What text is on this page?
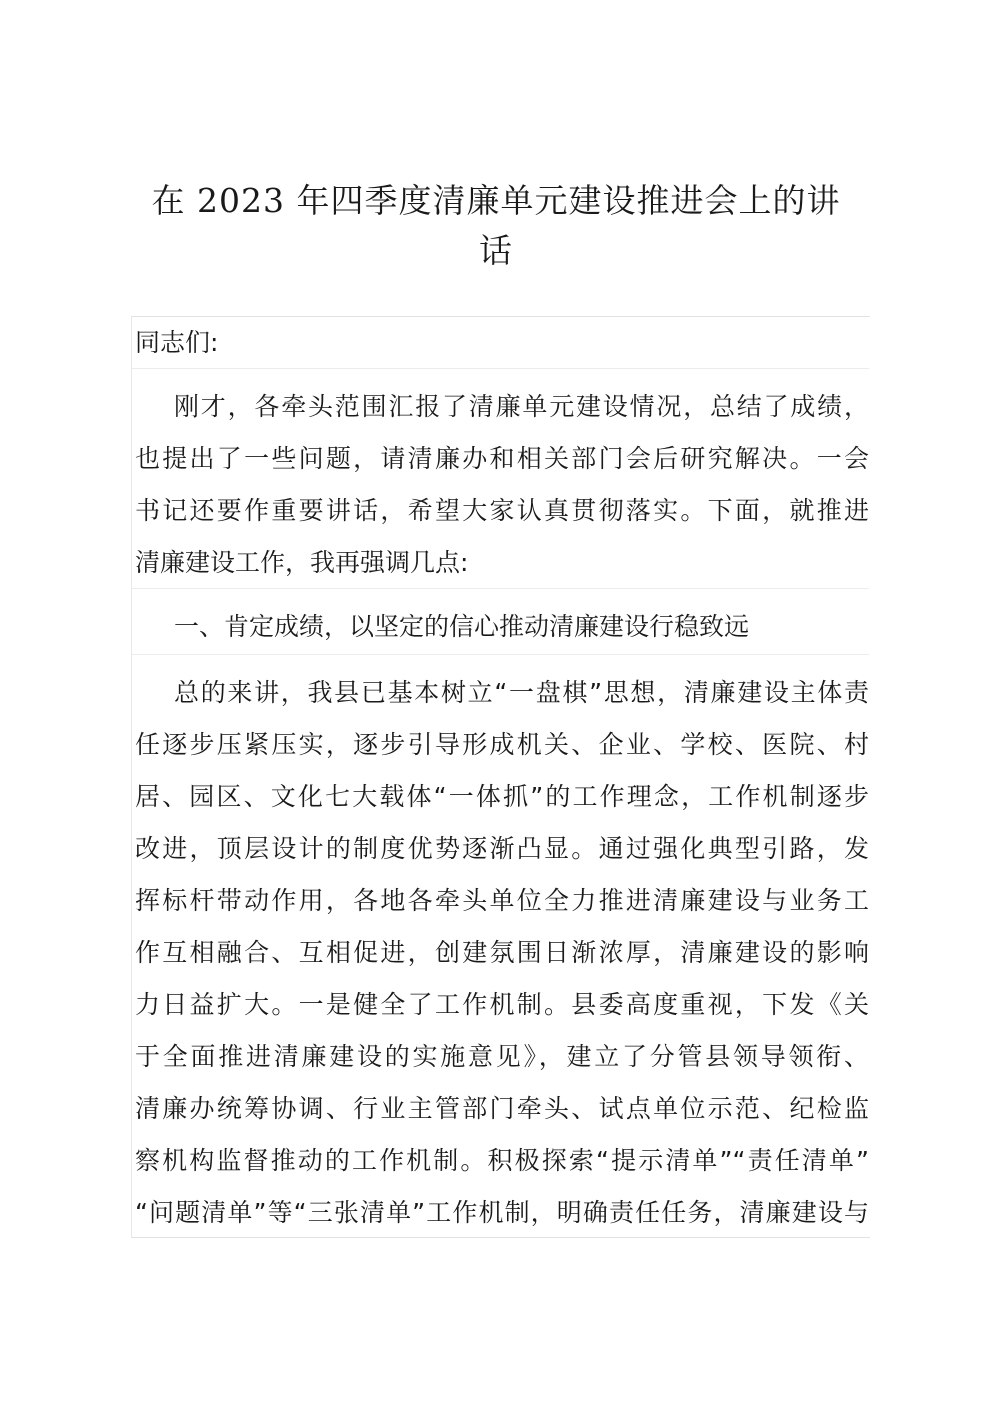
在 2023 年四季度清廉单元建设推进会上的讲
话
同志们:
刚才，各牵头范围汇报了清廉单元建设情况，总结了成绩，
也提出了一些问题，请清廉办和相关部门会后研究解决。一会
书记还要作重要讲话，希望大家认真贯彻落实。下面，就推进
清廉建设工作，我再强调几点:
一、肯定成绩，以坚定的信心推动清廉建设行稳致远
总的来讲，我县已基本树立“一盘棋”思想，清廉建设主体责
任逐步压紧压实，逐步引导形成机关、企业、学校、医院、村
居、园区、文化七大载体“一体抓”的工作理念，工作机制逐步
改进，顶层设计的制度优势逐渐凸显。通过强化典型引路，发
挥标杆带动作用，各地各牵头单位全力推进清廉建设与业务工
作互相融合、互相促进，创建氛围日渐浓厚，清廉建设的影响
力日益扩大。一是健全了工作机制。县委高度重视，下发《关
于全面推进清廉建设的实施意见》，建立了分管县领导领衔、
清廉办统筹协调、行业主管部门牵头、试点单位示范、纪检监
察机构监督推动的工作机制。积极探索“提示清单”“责任清单”
“问题清单”等“三张清单”工作机制，明确责任任务，清廉建设与
